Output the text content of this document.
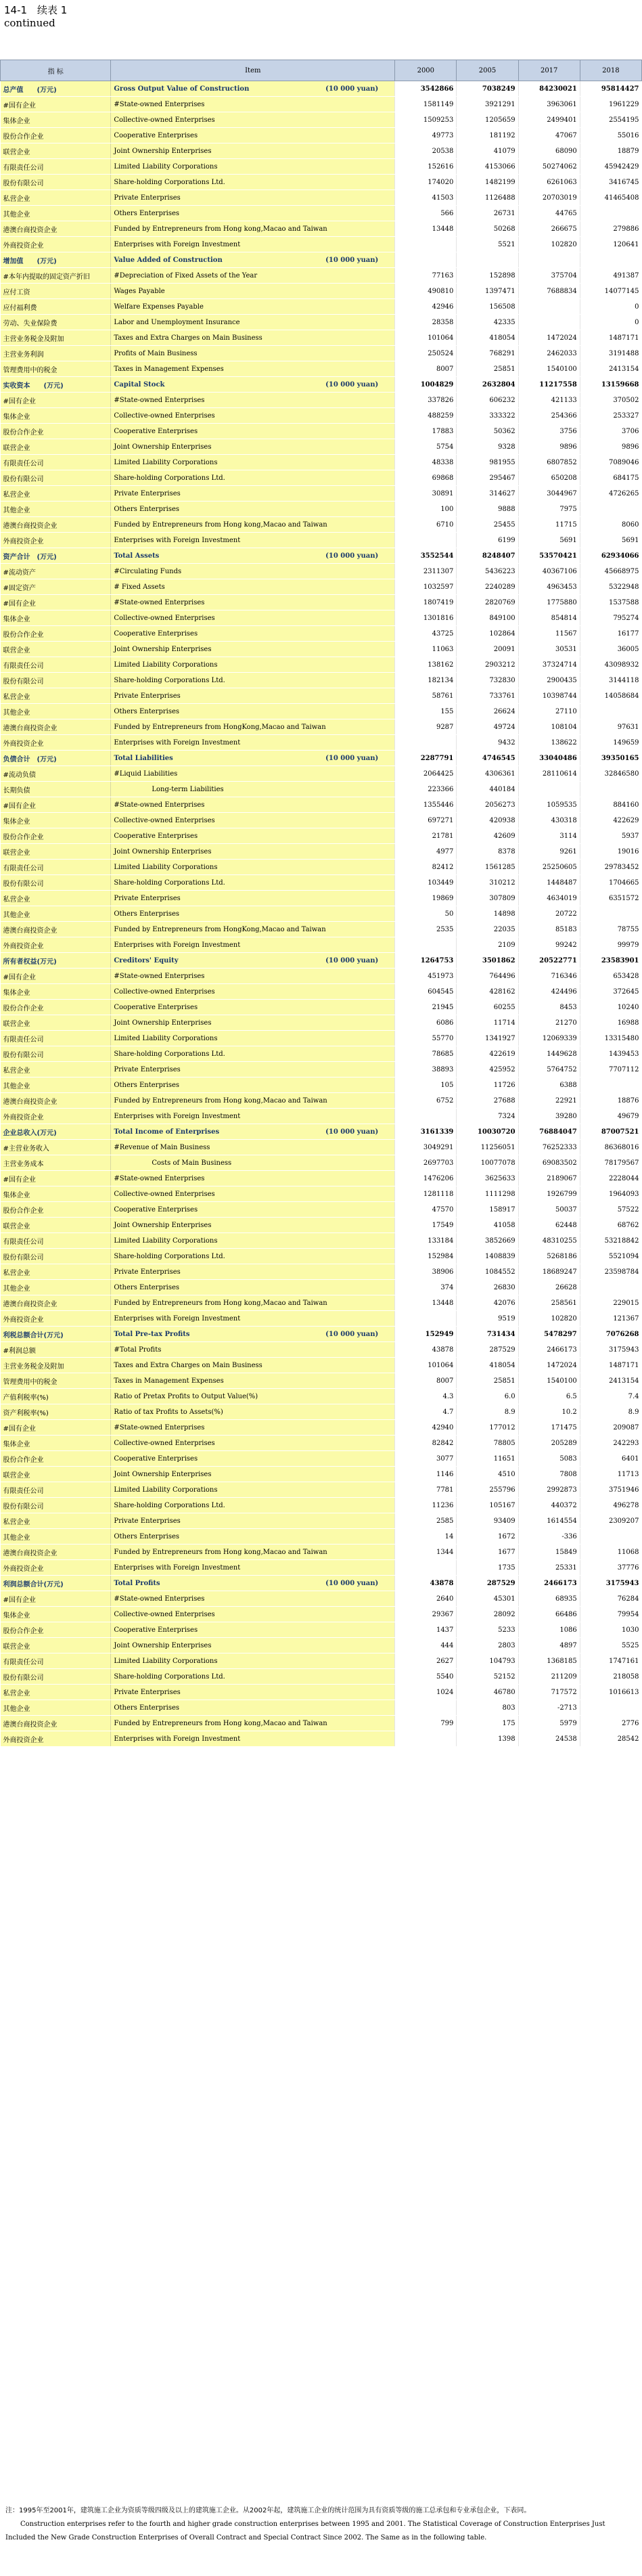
14-1　续表 1
continued
指 标	Item	2000	2005	2017	2018
总产值　　(万元)	Gross Output Value of Construction (10 000 yuan)	3542866	7038249	84230021	95814427
#国有企业	#State-owned Enterprises	1581149	3921291	3963061	1961229
集体企业	Collective-owned Enterprises	1509253	1205659	2499401	2554195
股份合作企业	Cooperative Enterprises	49773	181192	47067	55016
联营企业	Joint Ownership Enterprises	20538	41079	68090	18879
有限责任公司	Limited Liability Corporations	152616	4153066	50274062	45942429
股份有限公司	Share-holding Corporations Ltd.	174020	1482199	6261063	3416745
私营企业	Private Enterprises	41503	1126488	20703019	41465408
其他企业	Others Enterprises	566	26731	44765	
港澳台商投资企业	Funded by Entrepreneurs from Hong kong,Macao and Taiwan	13448	50268	266675	279886
外商投资企业	Enterprises with Foreign Investment		5521	102820	120641
增加值　　(万元)	Value Added of Construction (10 000 yuan)				

#本年内提取的固定资产折旧	#Depreciation of Fixed Assets of the Year	77163	152898	375704	491387
应付工资	Wages Payable	490810	1397471	7688834	14077145
应付福利费	Welfare Expenses Payable	42946	156508		0
劳动、失业保险费	Labor and Unemployment Insurance	28358	42335		0
主营业务税金及附加	Taxes and Extra Charges on Main Business	101064	418054	1472024	1487171
主营业务利润	Profits of Main Business	250524	768291	2462033	3191488
管理费用中的税金	Taxes in Management Expenses	8007	25851	1540100	2413154
实收资本　　(万元)	Capital Stock (10 000 yuan)	1004829	2632804	11217558	13159668
#国有企业	#State-owned Enterprises	337826	606232	421133	370502
集体企业	Collective-owned Enterprises	488259	333322	254366	253327
股份合作企业	Cooperative Enterprises	17883	50362	3756	3706
联营企业	Joint Ownership Enterprises	5754	9328	9896	9896
有限责任公司	Limited Liability Corporations	48338	981955	6807852	7089046
股份有限公司	Share-holding Corporations Ltd.	69868	295467	650208	684175
私营企业	Private Enterprises	30891	314627	3044967	4726265
其他企业	Others Enterprises	100	9888	7975	
港澳台商投资企业	Funded by Entrepreneurs from Hong kong,Macao and Taiwan	6710	25455	11715	8060
外商投资企业	Enterprises with Foreign Investment		6199	5691	5691
资产合计　(万元)	Total Assets (10 000 yuan)	3552544	8248407	53570421	62934066
#流动资产	#Circulating Funds	2311307	5436223	40367106	45668975
#固定资产	# Fixed Assets	1032597	2240289	4963453	5322948
#国有企业	#State-owned Enterprises	1807419	2820769	1775880	1537588
集体企业	Collective-owned Enterprises	1301816	849100	854814	795274
股份合作企业	Cooperative Enterprises	43725	102864	11567	16177
联营企业	Joint Ownership Enterprises	11063	20091	30531	36005
有限责任公司	Limited Liability Corporations	138162	2903212	37324714	43098932
股份有限公司	Share-holding Corporations Ltd.	182134	732830	2900435	3144118
私营企业	Private Enterprises	58761	733761	10398744	14058684
其他企业	Others Enterprises	155	26624	27110	
港澳台商投资企业	Funded by Entrepreneurs from HongKong,Macao and Taiwan	9287	49724	108104	97631
外商投资企业	Enterprises with Foreign Investment		9432	138622	149659
负债合计　(万元)	Total Liabilities (10 000 yuan)	2287791	4746545	33040486	39350165
#流动负债	#Liquid Liabilities	2064425	4306361	28110614	32846580
长期负债	Long-term Liabilities	223366	440184		
#国有企业	#State-owned Enterprises	1355446	2056273	1059535	884160
集体企业	Collective-owned Enterprises	697271	420938	430318	422629
股份合作企业	Cooperative Enterprises	21781	42609	3114	5937
联营企业	Joint Ownership Enterprises	4977	8378	9261	19016
有限责任公司	Limited Liability Corporations	82412	1561285	25250605	29783452
股份有限公司	Share-holding Corporations Ltd.	103449	310212	1448487	1704665
私营企业	Private Enterprises	19869	307809	4634019	6351572
其他企业	Others Enterprises	50	14898	20722	
港澳台商投资企业	Funded by Entrepreneurs from HongKong,Macao and Taiwan	2535	22035	85183	78755
外商投资企业	Enterprises with Foreign Investment		2109	99242	99979
所有者权益(万元)	Creditors' Equity (10 000 yuan)	1264753	3501862	20522771	23583901
#国有企业	#State-owned Enterprises	451973	764496	716346	653428
集体企业	Collective-owned Enterprises	604545	428162	424496	372645
股份合作企业	Cooperative Enterprises	21945	60255	8453	10240
联营企业	Joint Ownership Enterprises	6086	11714	21270	16988
有限责任公司	Limited Liability Corporations	55770	1341927	12069339	13315480
股份有限公司	Share-holding Corporations Ltd.	78685	422619	1449628	1439453
私营企业	Private Enterprises	38893	425952	5764752	7707112
其他企业	Others Enterprises	105	11726	6388	
港澳台商投资企业	Funded by Entrepreneurs from Hong kong,Macao and Taiwan	6752	27688	22921	18876
外商投资企业	Enterprises with Foreign Investment		7324	39280	49679
企业总收入(万元)	Total Income of Enterprises (10 000 yuan)	3161339	10030720	76884047	87007521
#主营业务收入	#Revenue of Main Business	3049291	11256051	76252333	86368016
主营业务成本	Costs of Main Business	2697703	10077078	69083502	78179567
#国有企业	#State-owned Enterprises	1476206	3625633	2189067	2228044
集体企业	Collective-owned Enterprises	1281118	1111298	1926799	1964093
股份合作企业	Cooperative Enterprises	47570	158917	50037	57522
联营企业	Joint Ownership Enterprises	17549	41058	62448	68762
有限责任公司	Limited Liability Corporations	133184	3852669	48310255	53218842
股份有限公司	Share-holding Corporations Ltd.	152984	1408839	5268186	5521094
私营企业	Private Enterprises	38906	1084552	18689247	23598784
其他企业	Others Enterprises	374	26830	26628	
港澳台商投资企业	Funded by Entrepreneurs from Hong kong,Macao and Taiwan	13448	42076	258561	229015
外商投资企业	Enterprises with Foreign Investment		9519	102820	121367
利税总额合计(万元)	Total Pre-tax Profits (10 000 yuan)	152949	731434	5478297	7076268
#利润总额	#Total Profits	43878	287529	2466173	3175943
主营业务税金及附加	Taxes and Extra Charges on Main Business	101064	418054	1472024	1487171
管理费用中的税金	Taxes in Management Expenses	8007	25851	1540100	2413154
产值利税率(%)	Ratio of Pretax Profits to Output Value(%)	4.3	6.0	6.5	7.4
资产利税率(%)	Ratio of tax Profits to Assets(%)	4.7	8.9	10.2	8.9
#国有企业	#State-owned Enterprises	42940	177012	171475	209087
集体企业	Collective-owned Enterprises	82842	78805	205289	242293
股份合作企业	Cooperative Enterprises	3077	11651	5083	6401
联营企业	Joint Ownership Enterprises	1146	4510	7808	11713
有限责任公司	Limited Liability Corporations	7781	255796	2992873	3751946
股份有限公司	Share-holding Corporations Ltd.	11236	105167	440372	496278
私营企业	Private Enterprises	2585	93409	1614554	2309207
其他企业	Others Enterprises	14	1672	-336	
港澳台商投资企业	Funded by Entrepreneurs from Hong kong,Macao and Taiwan	1344	1677	15849	11068
外商投资企业	Enterprises with Foreign Investment		1735	25331	37776
利润总额合计(万元)	Total Profits (10 000 yuan)	43878	287529	2466173	3175943
#国有企业	#State-owned Enterprises	2640	45301	68935	76284
集体企业	Collective-owned Enterprises	29367	28092	66486	79954
股份合作企业	Cooperative Enterprises	1437	5233	1086	1030
联营企业	Joint Ownership Enterprises	444	2803	4897	5525
有限责任公司	Limited Liability Corporations	2627	104793	1368185	1747161
股份有限公司	Share-holding Corporations Ltd.	5540	52152	211209	218058
私营企业	Private Enterprises	1024	46780	717572	1016613
其他企业	Others Enterprises		803	-2713	
港澳台商投资企业	Funded by Entrepreneurs from Hong kong,Macao and Taiwan	799	175	5979	2776
外商投资企业	Enterprises with Foreign Investment		1398	24538	28542
注：1995年至2001年，建筑施工企业为资质等级四级及以上的建筑施工企业。从2002年起，建筑施工企业的统计范围为具有资质等级的施工总承包和专业承包企业，下表同。
Construction enterprises refer to the fourth and higher grade construction enterprises between 1995 and 2001. The Statistical Coverage of Construction Enterprises Just Included the New Grade Construction Enterprises of Overall Contract and Special Contract Since 2002. The Same as in the following table.
